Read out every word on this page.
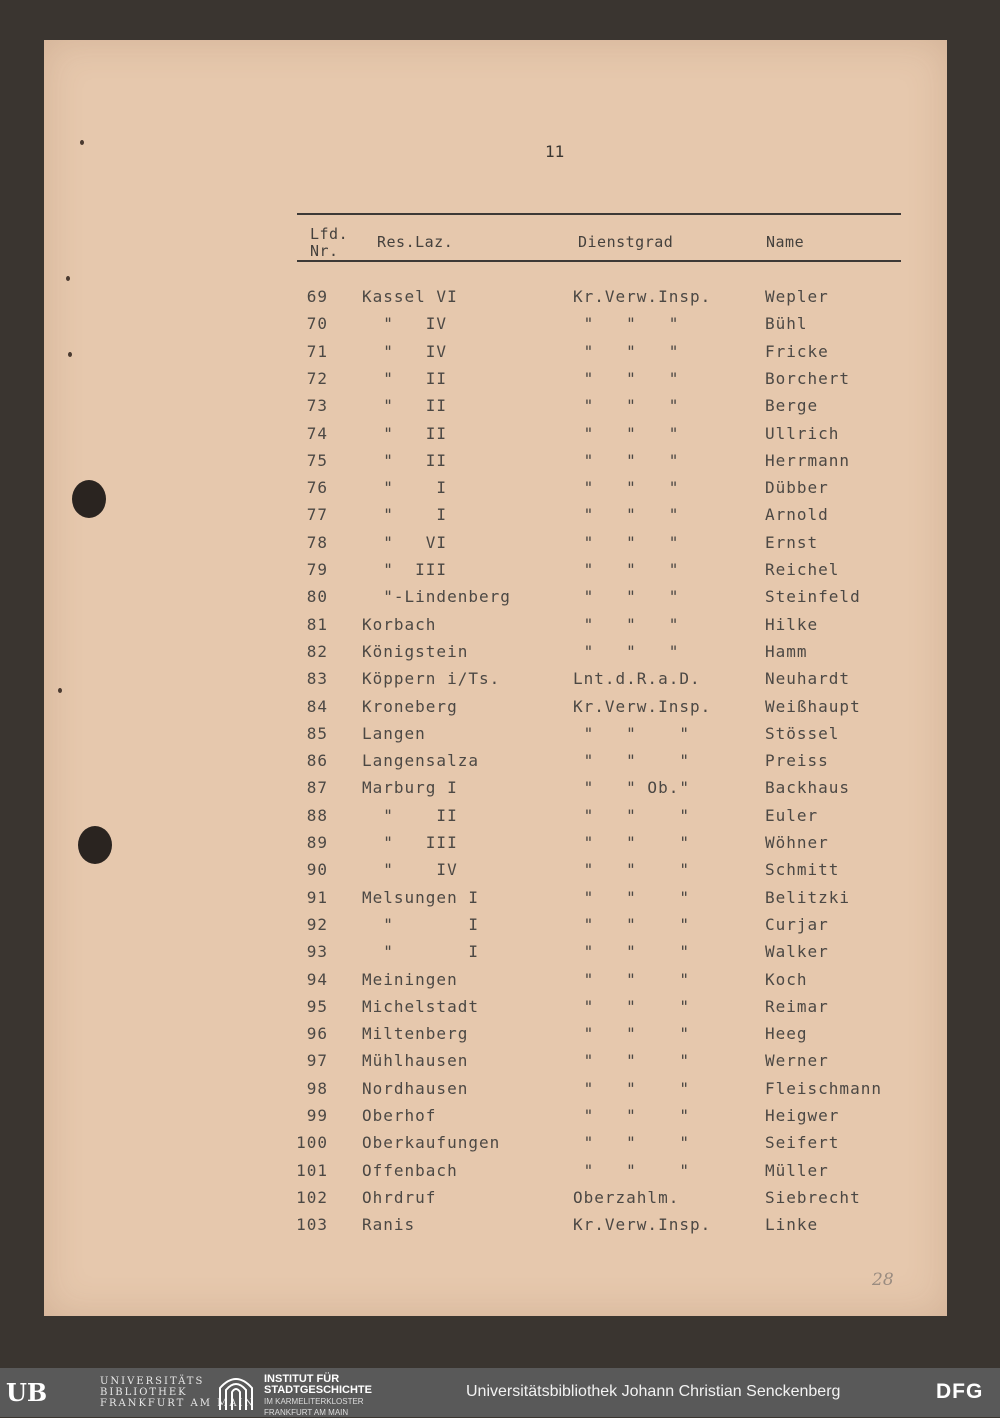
11
Lfd.
Nr.	Res.Laz.	Dienstgrad	Name
69 Kassel VI	Kr.Verw.Insp.	Wepler
70 "   IV	"   "   "	Bühl
71 "   IV	"   "   "	Fricke
72 "   II	"   "   "	Borchert
73 "   II	"   "   "	Berge
74 "   II	"   "   "	Ullrich
75 "   II	"   "   "	Herrmann
76 "    I	"   "   "	Dübber
77 "    I	"   "   "	Arnold
78 "   VI	"   "   "	Ernst
79 "  III	"   "   "	Reichel
80 "-Lindenberg	"   "   "	Steinfeld
81 Korbach	"   "   "	Hilke
82 Königstein	"   "   "	Hamm
83 Köppern i/Ts.	Lnt.d.R.a.D.	Neuhardt
84 Kroneberg	Kr.Verw.Insp.	Weißhaupt
85 Langen	"   "    "	Stössel
86 Langensalza	"   "    "	Preiss
87 Marburg I	"   " Ob."	Backhaus
88 "    II	"   "    "	Euler
89 "   III	"   "    "	Wöhner
90 "    IV	"   "    "	Schmitt
91 Melsungen I	"   "    "	Belitzki
92 "       I	"   "    "	Curjar
93 "       I	"   "    "	Walker
94 Meiningen	"   "    "	Koch
95 Michelstadt	"   "    "	Reimar
96 Miltenberg	"   "    "	Heeg
97 Mühlhausen	"   "    "	Werner
98 Nordhausen	"   "    "	Fleischmann
99 Oberhof	"   "    "	Heigwer
100 Oberkaufungen	"   "    "	Seifert
101 Offenbach	"   "    "	Müller
102 Ohrdruf	Oberzahlm.	Siebrecht
103 Ranis	Kr.Verw.Insp.	Linke
28
UB	UNIVERSITÄTS
BIBLIOTHEK
FRANKFURT AM MAIN
INSTITUT FÜR
STADTGESCHICHTE
IM KARMELITERKLOSTER
FRANKFURT AM MAIN
Universitätsbibliothek Johann Christian Senckenberg	DFG
